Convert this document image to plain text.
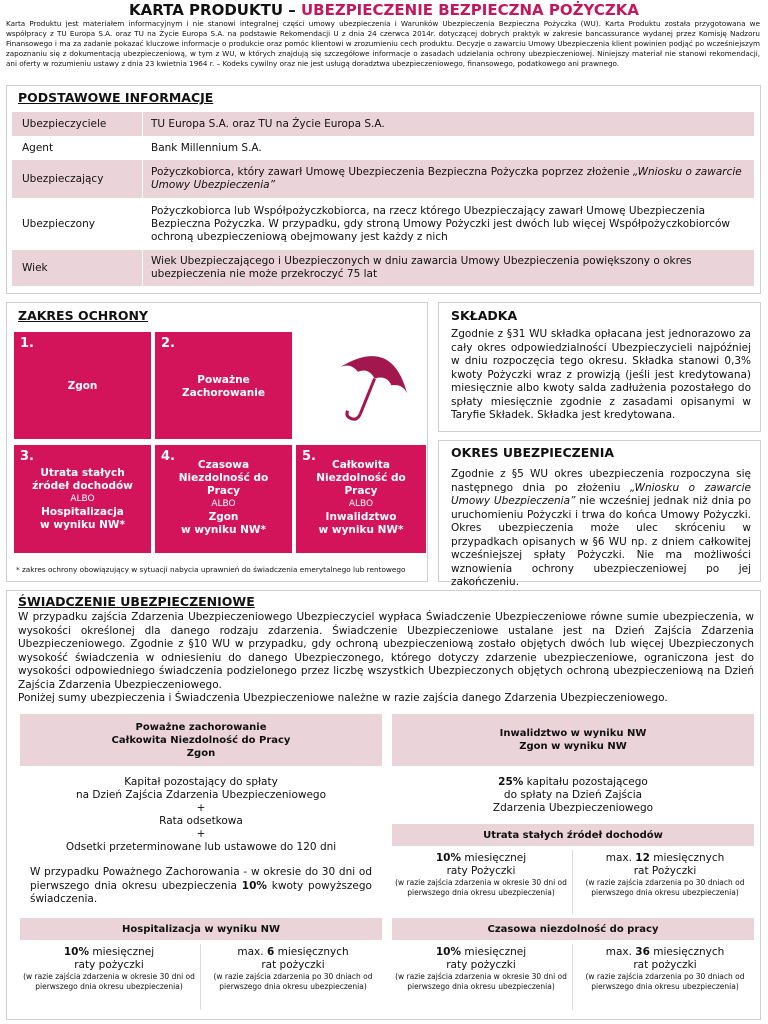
KARTA PRODUKTU – UBEZPIECZENIE BEZPIECZNA POŻYCZKA
Karta Produktu jest materiałem informacyjnym i nie stanowi integralnej części umowy ubezpieczenia i Warunków Ubezpieczenia Bezpieczna Pożyczka (WU). Karta Produktu została przygotowana we współpracy z TU Europa S.A. oraz TU na Życie Europa S.A. na podstawie Rekomendacji U z dnia 24 czerwca 2014r. dotyczącej dobrych praktyk w zakresie bancassurance wydanej przez Komisję Nadzoru Finansowego i ma za zadanie pokazać kluczowe informacje o produkcie oraz pomóc klientowi w zrozumieniu cech produktu. Decyzje o zawarciu Umowy Ubezpieczenia klient powinien podjąć po wcześniejszym zapoznaniu się z dokumentacją ubezpieczeniową, w tym z WU, w których znajdują się szczegółowe informacje o zasadach udzielania ochrony ubezpieczeniowej. Niniejszy materiał nie stanowi rekomendacji, ani oferty w rozumieniu ustawy z dnia 23 kwietnia 1964 r. – Kodeks cywilny oraz nie jest usługą doradztwa ubezpieczeniowego, finansowego, podatkowego ani prawnego.
PODSTAWOWE INFORMACJE
Ubezpieczyciele	TU Europa S.A. oraz TU na Życie Europa S.A.
Agent	Bank Millennium S.A.
Ubezpieczający
Pożyczkobiorca, który zawarł Umowę Ubezpieczenia Bezpieczna Pożyczka poprzez złożenie „Wniosku o zawarcie Umowy Ubezpieczenia”
Ubezpieczony
Pożyczkobiorca lub Współpożyczkobiorca, na rzecz którego Ubezpieczający zawarł Umowę Ubezpieczenia Bezpieczna Pożyczka. W przypadku, gdy stroną Umowy Pożyczki jest dwóch lub więcej Współpożyczkobiorców ochroną ubezpieczeniową obejmowany jest każdy z nich
Wiek
Wiek Ubezpieczającego i Ubezpieczonych w dniu zawarcia Umowy Ubezpieczenia powiększony o okres ubezpieczenia nie może przekroczyć 75 lat
ZAKRES OCHRONY
1.
Zgon
2.
Poważne
Zachorowanie
3.
Utrata stałych
źródeł dochodów
ALBO
Hospitalizacja
w wyniku NW*
4.
Czasowa
Niezdolność do
Pracy
ALBO
Zgon
w wyniku NW*
5.
Całkowita
Niezdolność do
Pracy
ALBO
Inwalidztwo
w wyniku NW*
* zakres ochrony obowiązujący w sytuacji nabycia uprawnień do świadczenia emerytalnego lub rentowego
SKŁADKA
Zgodnie z §31 WU składka opłacana jest jednorazowo za cały okres odpowiedzialności Ubezpieczycieli najpóźniej w dniu rozpoczęcia tego okresu. Składka stanowi 0,3% kwoty Pożyczki wraz z prowizją (jeśli jest kredytowana) miesięcznie albo kwoty salda zadłużenia pozostałego do spłaty miesięcznie zgodnie z zasadami opisanymi w Taryfie Składek. Składka jest kredytowana.
OKRES UBEZPIECZENIA
Zgodnie z §5 WU okres ubezpieczenia rozpoczyna się następnego dnia po złożeniu „Wniosku o zawarcie Umowy Ubezpieczenia” nie wcześniej jednak niż dnia po uruchomieniu Pożyczki i trwa do końca Umowy Pożyczki. Okres ubezpieczenia może ulec skróceniu w przypadkach opisanych w §6 WU np. z dniem całkowitej wcześniejszej spłaty Pożyczki. Nie ma możliwości wznowienia ochrony ubezpieczeniowej po jej zakończeniu.
ŚWIADCZENIE UBEZPIECZENIOWE
W przypadku zajścia Zdarzenia Ubezpieczeniowego Ubezpieczyciel wypłaca Świadczenie Ubezpieczeniowe równe sumie ubezpieczenia, w wysokości określonej dla danego rodzaju zdarzenia. Świadczenie Ubezpieczeniowe ustalane jest na Dzień Zajścia Zdarzenia Ubezpieczeniowego. Zgodnie z §10 WU w przypadku, gdy ochroną ubezpieczeniową zostało objętych dwóch lub więcej Ubezpieczonych wysokość świadczenia w odniesieniu do danego Ubezpieczonego, którego dotyczy zdarzenie ubezpieczeniowe, ograniczona jest do wysokości odpowiedniego świadczenia podzielonego przez liczbę wszystkich Ubezpieczonych objętych ochroną ubezpieczeniową na Dzień Zajścia Zdarzenia Ubezpieczeniowego.
Poniżej sumy ubezpieczenia i Świadczenia Ubezpieczeniowe należne w razie zajścia danego Zdarzenia Ubezpieczeniowego.
Poważne zachorowanie
Całkowita Niezdolność do Pracy
Zgon
Kapitał pozostający do spłaty
na Dzień Zajścia Zdarzenia Ubezpieczeniowego
+
Rata odsetkowa
+
Odsetki przeterminowane lub ustawowe do 120 dni
W przypadku Poważnego Zachorowania - w okresie do 30 dni od pierwszego dnia okresu ubezpieczenia 10% kwoty powyższego świadczenia.
Hospitalizacja w wyniku NW
10% miesięcznej
raty pożyczki
(w razie zajścia zdarzenia w okresie 30 dni od pierwszego dnia okresu ubezpieczenia)
max. 6 miesięcznych
rat pożyczki
(w razie zajścia zdarzenia po 30 dniach od pierwszego dnia okresu ubezpieczenia)
Inwalidztwo w wyniku NW
Zgon w wyniku NW
25% kapitału pozostającego
do spłaty na Dzień Zajścia
Zdarzenia Ubezpieczeniowego
Utrata stałych źródeł dochodów
10% miesięcznej
raty Pożyczki
(w razie zajścia zdarzenia w okresie 30 dni od pierwszego dnia okresu ubezpieczenia)
max. 12 miesięcznych
rat Pożyczki
(w razie zajścia zdarzenia po 30 dniach od pierwszego dnia okresu ubezpieczenia)
Czasowa niezdolność do pracy
10% miesięcznej
raty pożyczki
(w razie zajścia zdarzenia w okresie 30 dni od pierwszego dnia okresu ubezpieczenia)
max. 36 miesięcznych
rat pożyczki
(w razie zajścia zdarzenia po 30 dniach od pierwszego dnia okresu ubezpieczenia)
